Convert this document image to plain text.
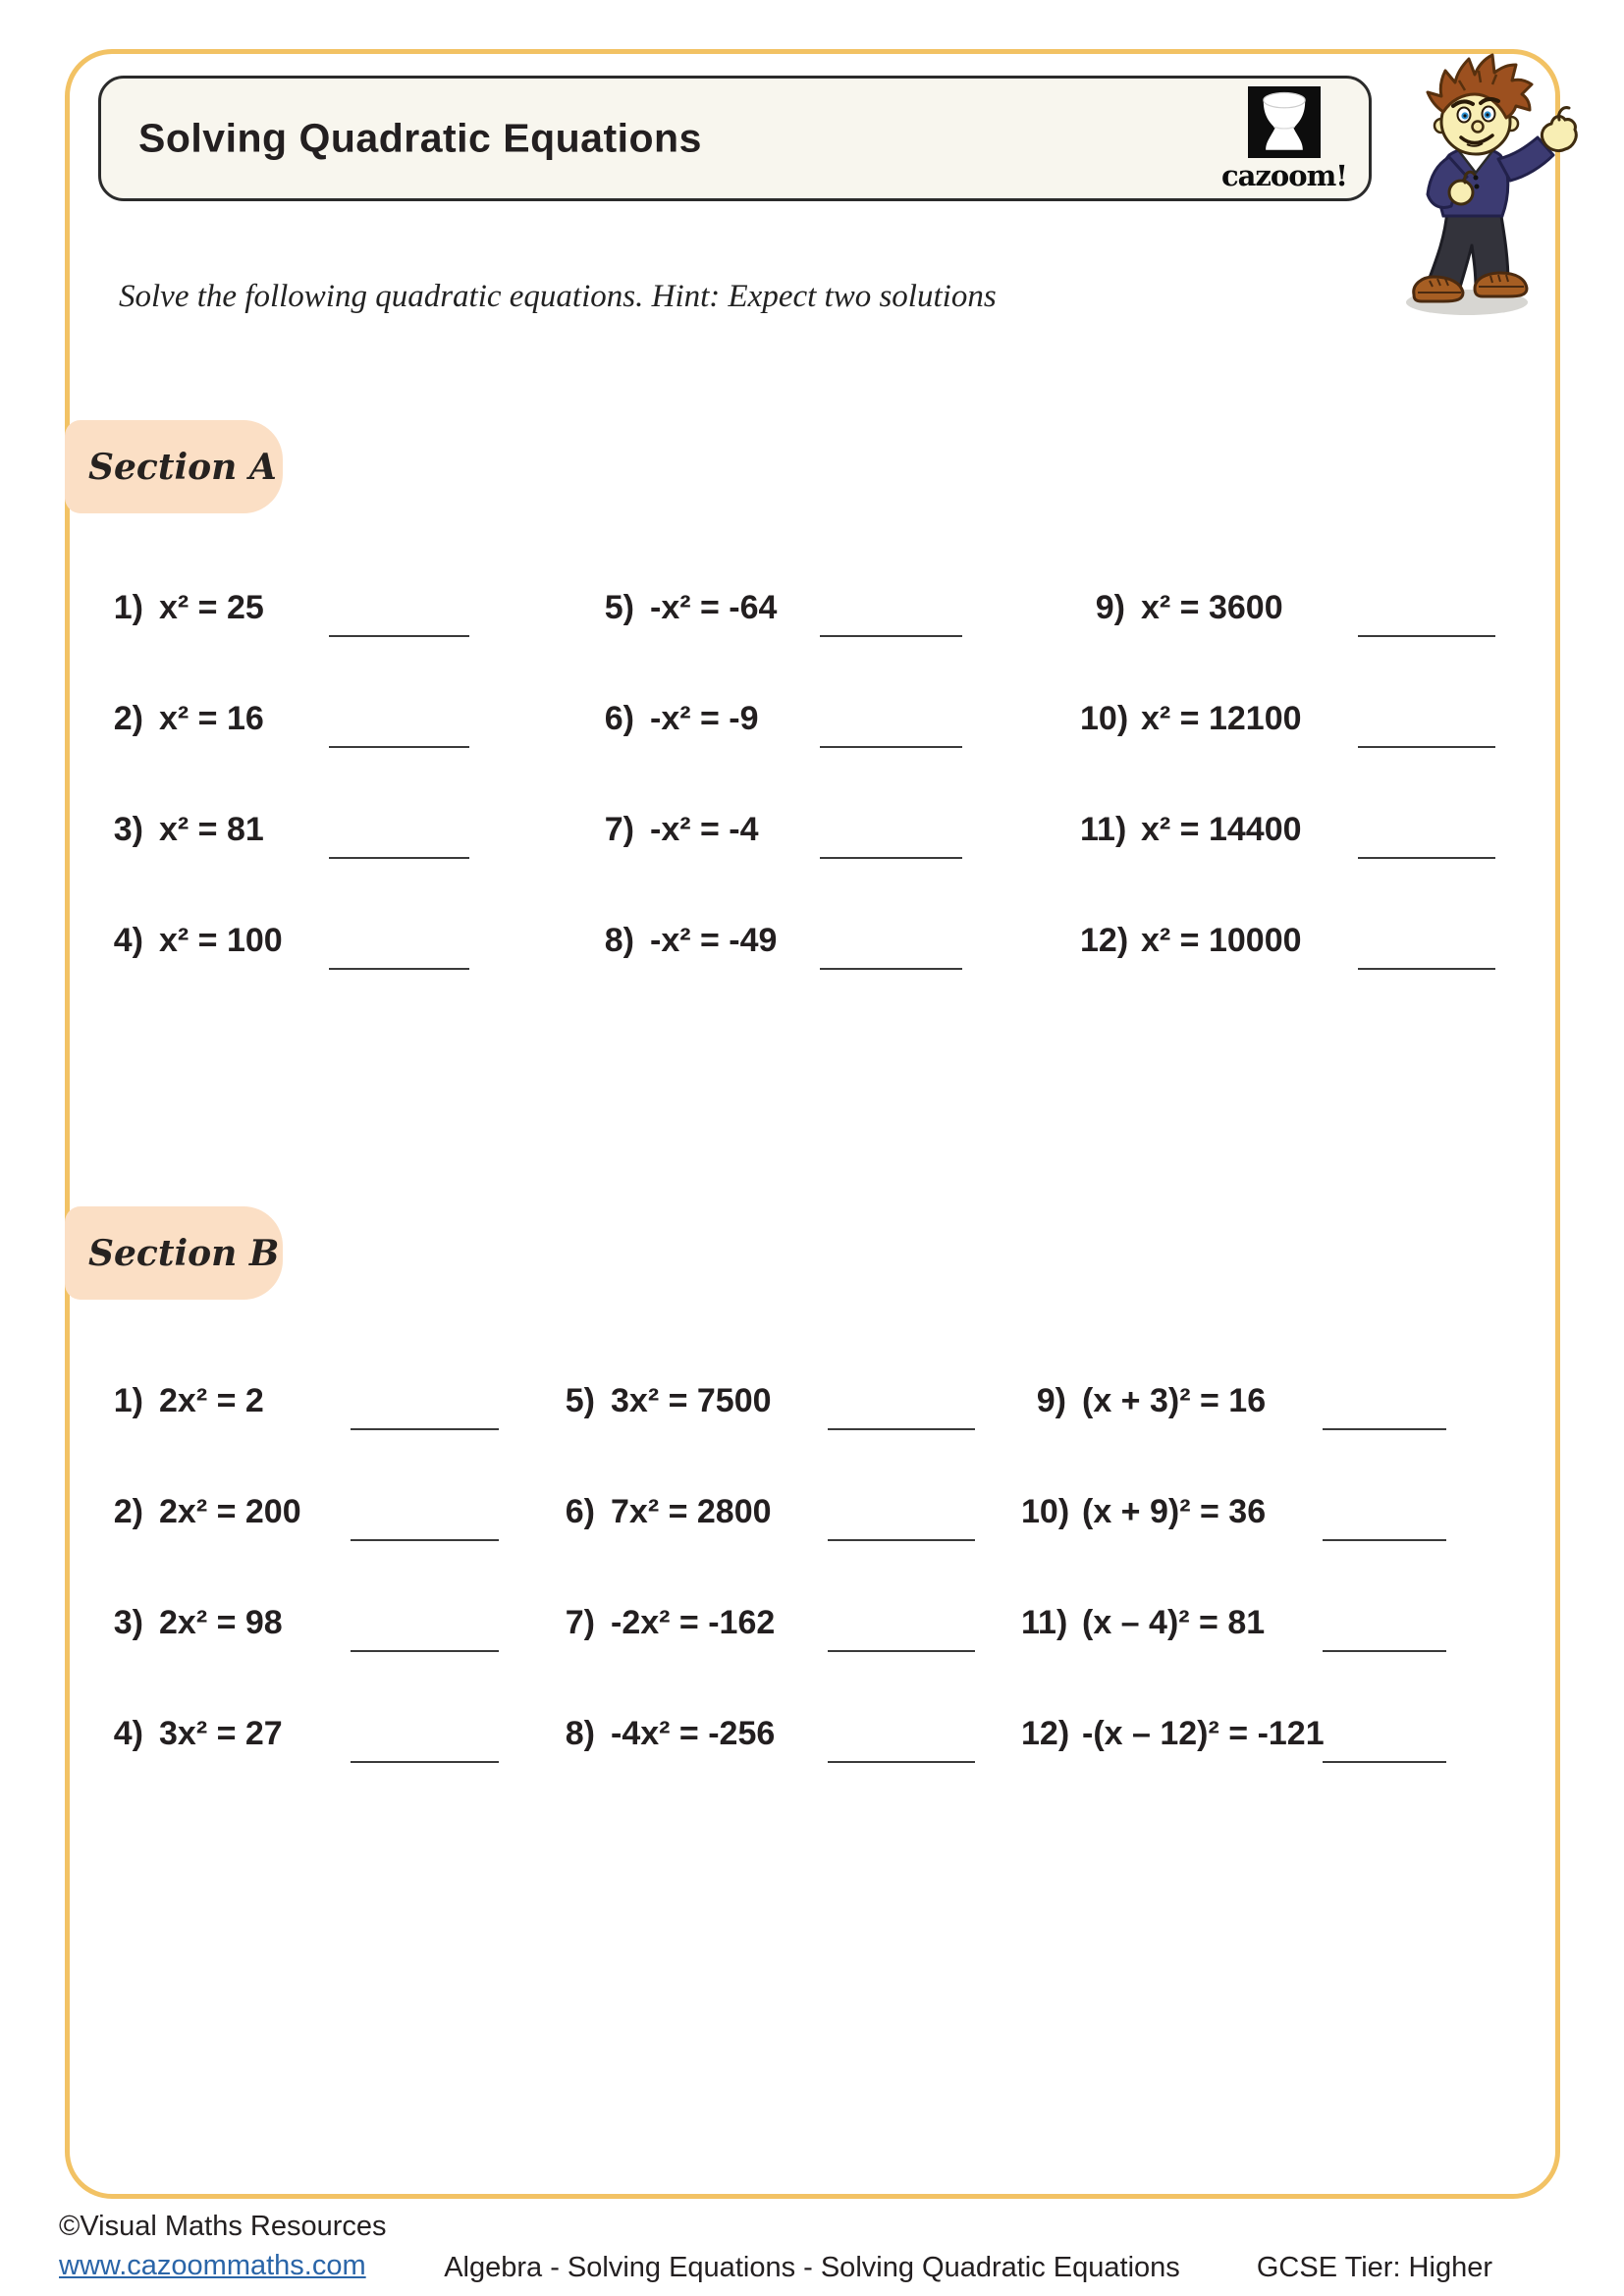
Solving Quadratic Equations
cazoom!
Solve the following quadratic equations. Hint: Expect two solutions
Section A
1) x² = 25	5) -x² = -64	9) x² = 3600
2) x² = 16	6) -x² = -9	10) x² = 12100
3) x² = 81	7) -x² = -4	11) x² = 14400
4) x² = 100	8) -x² = -49	12) x² = 10000
Section B
1) 2x² = 2	5) 3x² = 7500	9) (x + 3)² = 16
2) 2x² = 200	6) 7x² = 2800	10) (x + 9)² = 36
3) 2x² = 98	7) -2x² = -162	11) (x – 4)² = 81
4) 3x² = 27	8) -4x² = -256	12) -(x – 12)² = -121
©Visual Maths Resources
www.cazoommaths.com	Algebra - Solving Equations - Solving Quadratic Equations	GCSE Tier: Higher
